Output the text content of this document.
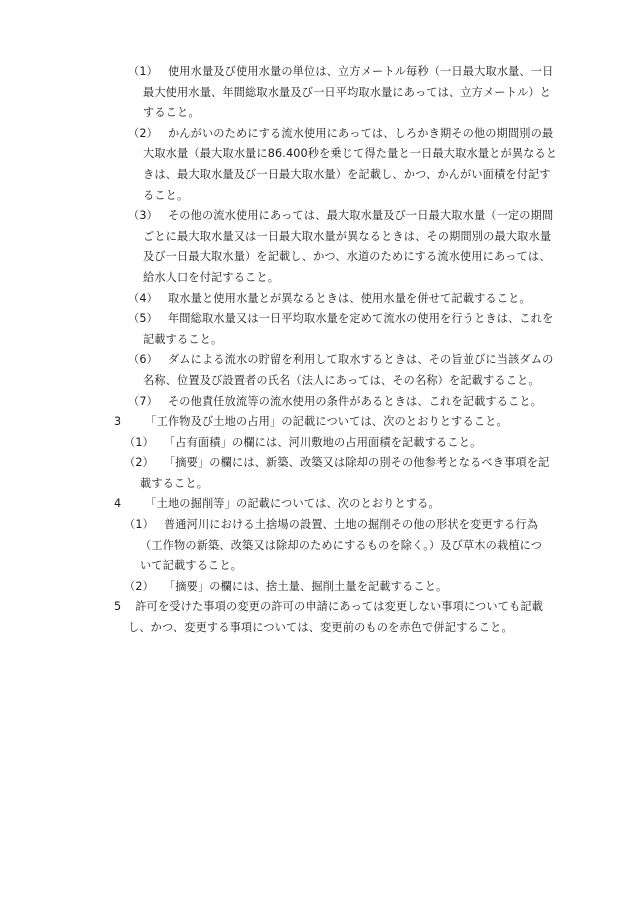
（1） 使用水量及び使用水量の単位は、立方メートル毎秒（一日最大取水量、一日
最大使用水量、年間総取水量及び一日平均取水量にあっては、立方メートル）と
すること。
（2） かんがいのためにする流水使用にあっては、しろかき期その他の期間別の最
大取水量（最大取水量に86.400秒を乗じて得た量と一日最大取水量とが異なると
きは、最大取水量及び一日最大取水量）を記載し、かつ、かんがい面積を付記す
ること。
（3） その他の流水使用にあっては、最大取水量及び一日最大取水量（一定の期間
ごとに最大取水量又は一日最大取水量が異なるときは、その期間別の最大取水量
及び一日最大取水量）を記載し、かつ、水道のためにする流水使用にあっては、
給水人口を付記すること。
（4） 取水量と使用水量とが異なるときは、使用水量を併せて記載すること。
（5） 年間総取水量又は一日平均取水量を定めて流水の使用を行うときは、これを
記載すること。
（6） ダムによる流水の貯留を利用して取水するときは、その旨並びに当該ダムの
名称、位置及び設置者の氏名（法人にあっては、その名称）を記載すること。
（7） その他責任放流等の流水使用の条件があるときは、これを記載すること。
3 「工作物及び土地の占用」の記載については、次のとおりとすること。
（1） 「占有面積」の欄には、河川敷地の占用面積を記載すること。
（2） 「摘要」の欄には、新築、改築又は除却の別その他参考となるべき事項を記
載すること。
4 「土地の掘削等」の記載については、次のとおりとする。
（1） 普通河川における土捨場の設置、土地の掘削その他の形状を変更する行為
（工作物の新築、改築又は除却のためにするものを除く。）及び草木の栽植につ
いて記載すること。
（2） 「摘要」の欄には、捨土量、掘削土量を記載すること。
5 許可を受けた事項の変更の許可の申請にあっては変更しない事項についても記載
し、かつ、変更する事項については、変更前のものを赤色で併記すること。
